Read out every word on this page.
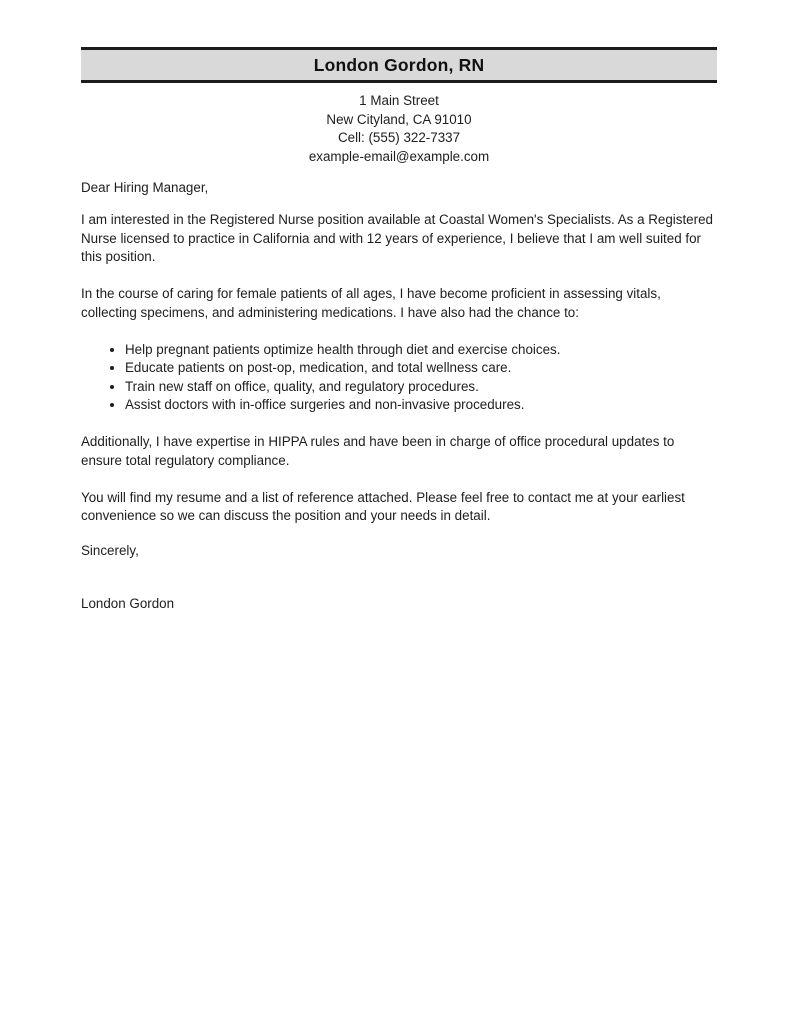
London Gordon, RN

1 Main Street

New Cityland, CA 91010

Cell: (555) 322-7337

example-email@example.com

Dear Hiring Manager,

I am interested in the Registered Nurse position available at Coastal Women's Specialists. As a Registered Nurse licensed to practice in California and with 12 years of experience, I believe that I am well suited for this position.

In the course of caring for female patients of all ages, I have become proficient in assessing vitals, collecting specimens, and administering medications. I have also had the chance to:

• Help pregnant patients optimize health through diet and exercise choices.
• Educate patients on post-op, medication, and total wellness care.
• Train new staff on office, quality, and regulatory procedures.
• Assist doctors with in-office surgeries and non-invasive procedures.

Additionally, I have expertise in HIPPA rules and have been in charge of office procedural updates to ensure total regulatory compliance.

You will find my resume and a list of reference attached. Please feel free to contact me at your earliest convenience so we can discuss the position and your needs in detail.

Sincerely,

London Gordon
